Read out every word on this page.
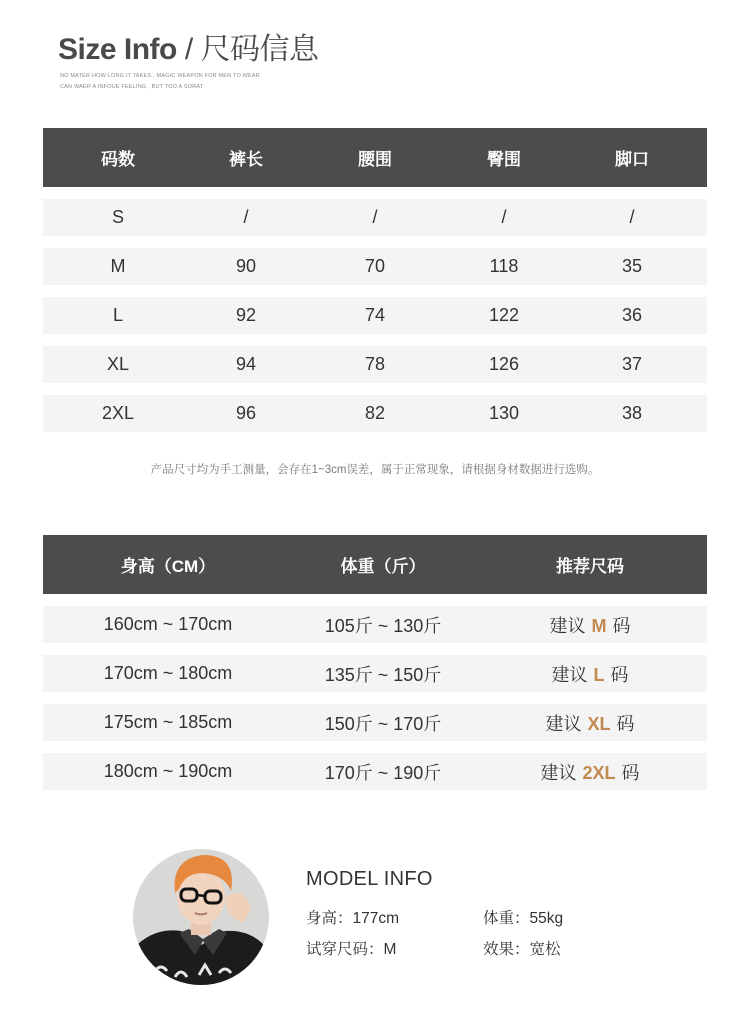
Size Info / 尺码信息
NO MATER HOW LONG IT TAKES , MAGIC WEAPON FOR MEN TO WEAR
CAN WAER A INFOUE FEELING , BUT TOO A SORAT
码数	裤长	腰围	臀围	脚口
S	/	/	/	/
M	90	70	118	35
L	92	74	122	36
XL	94	78	126	37
2XL	96	82	130	38
产品尺寸均为手工测量，会存在1~3cm误差，属于正常现象，请根据身材数据进行选购。
身高（CM）	体重（斤）	推荐尺码
160cm ~ 170cm	105斤 ~ 130斤	建议 M 码
170cm ~ 180cm	135斤 ~ 150斤	建议 L 码
175cm ~ 185cm	150斤 ~ 170斤	建议 XL 码
180cm ~ 190cm	170斤 ~ 190斤	建议 2XL 码
MODEL INFO
身高：177cm	体重：55kg
试穿尺码：M	效果：宽松
